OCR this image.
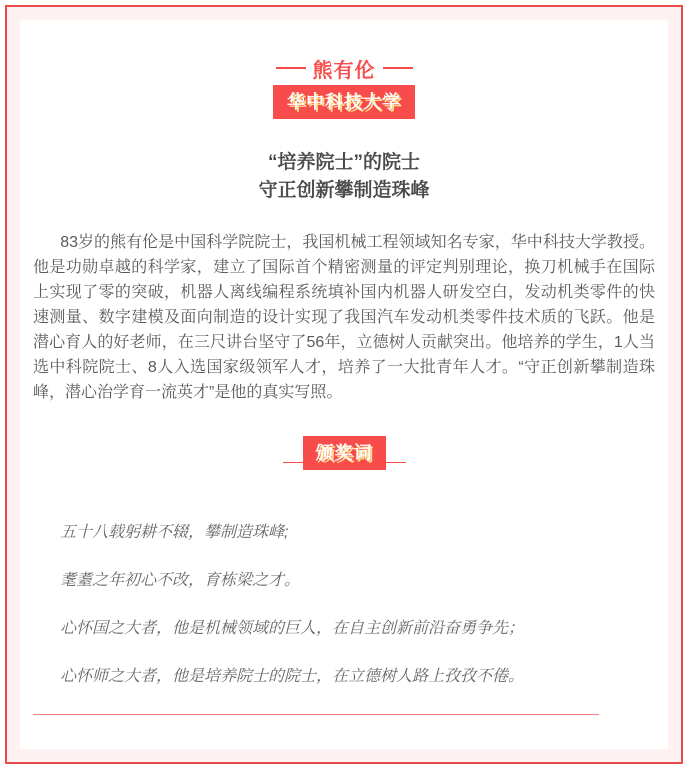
熊有伦
华中科技大学
“培养院士”的院士
守正创新攀制造珠峰

83岁的熊有伦是中国科学院院士，我国机械工程领域知名专家，华中科技大学教授。他是功勋卓越的科学家，建立了国际首个精密测量的评定判别理论，换刀机械手在国际上实现了零的突破，机器人离线编程系统填补国内机器人研发空白，发动机类零件的快速测量、数字建模及面向制造的设计实现了我国汽车发动机类零件技术质的飞跃。他是潜心育人的好老师，在三尺讲台坚守了56年，立德树人贡献突出。他培养的学生，1人当选中科院院士、8人入选国家级领军人才，培养了一大批青年人才。“守正创新攀制造珠峰，潜心治学育一流英才”是他的真实写照。

颁奖词

五十八载躬耕不辍，攀制造珠峰;

耄耋之年初心不改，育栋梁之才。

心怀国之大者，他是机械领域的巨人，在自主创新前沿奋勇争先；

心怀师之大者，他是培养院士的院士，在立德树人路上孜孜不倦。
